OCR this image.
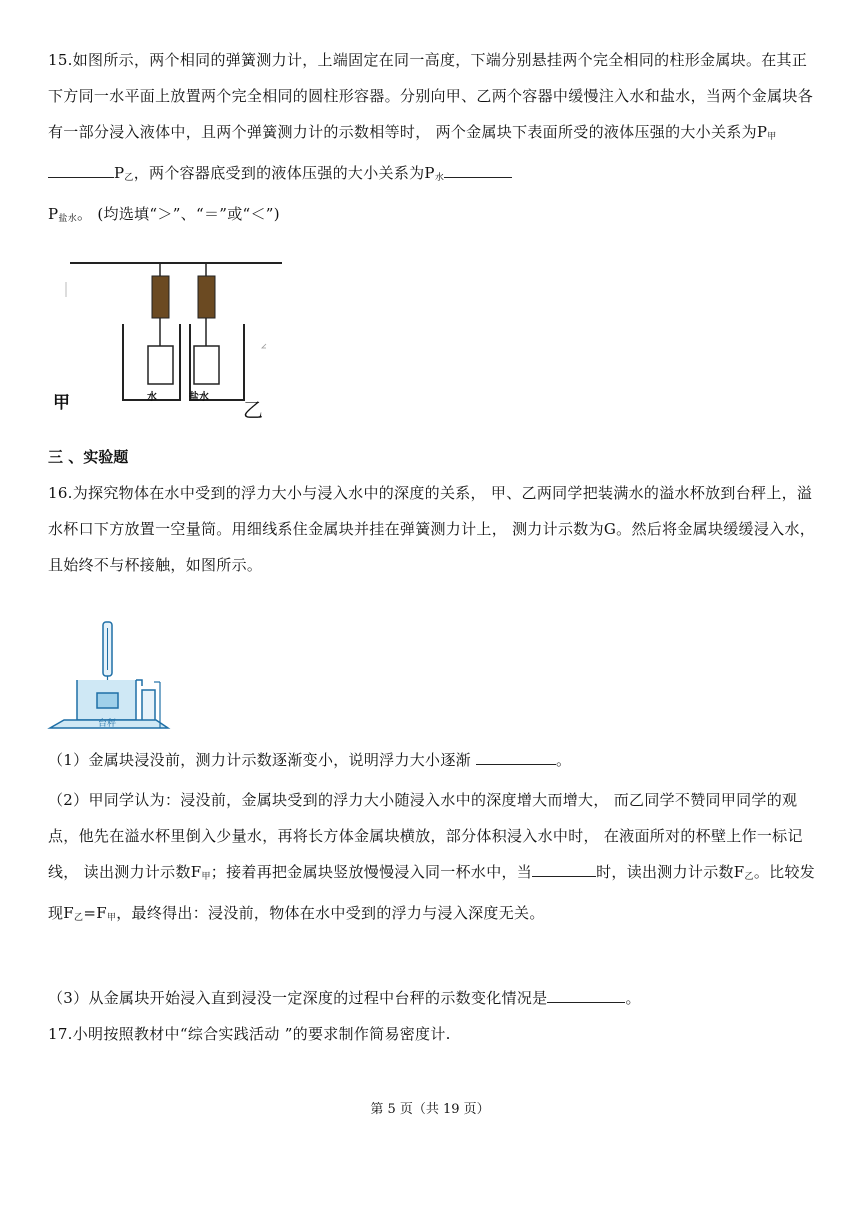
15.如图所示，两个相同的弹簧测力计，上端固定在同一高度，下端分别悬挂两个完全相同的柱形金属块。在其正下方同一水平面上放置两个完全相同的圆柱形容器。分别向甲、乙两个容器中缓慢注入水和盐水，当两个金属块各有一部分浸入液体中，且两个弹簧测力计的示数相等时， 两个金属块下表面所受的液体压强的大小关系为$P_甲P_乙$，两个容器底受到的液体压强的大小关系为$P_水$
$P_{盐水}$。 (均选填“＞”、“＝”或“＜”)

甲	水	盐水
乙
三 、实验题

16.为探究物体在水中受到的浮力大小与浸入水中的深度的关系， 甲、乙两同学把装满水的溢水杯放到台秤上，溢水杯口下方放置一空量筒。用细线系住金属块并挂在弹簧测力计上， 测力计示数为G。然后将金属块缓缓浸入水，且始终不与杯接触，如图所示。

台秤

（1）金属块浸没前，测力计示数逐渐变小，说明浮力大小逐渐	。

（2）甲同学认为：浸没前，金属块受到的浮力大小随浸入水中的深度增大而增大， 而乙同学不赞同甲同学的观点，他先在溢水杯里倒入少量水，再将长方体金属块横放，部分体积浸入水中时， 在液面所对的杯壁上作一标记线， 读出测力计示数$F_甲$；接着再把金属块竖放慢慢浸入同一杯水中，当	时，读出测力计示数$F_乙$。比较发现$F_乙=F_甲$，最终得出：浸没前，物体在水中受到的浮力与浸入深度无关。

（3）从金属块开始浸入直到浸没一定深度的过程中台秤的示数变化情况是	。

17.小明按照教材中“综合实践活动 ”的要求制作简易密度计.

第 5 页（共 19 页）
